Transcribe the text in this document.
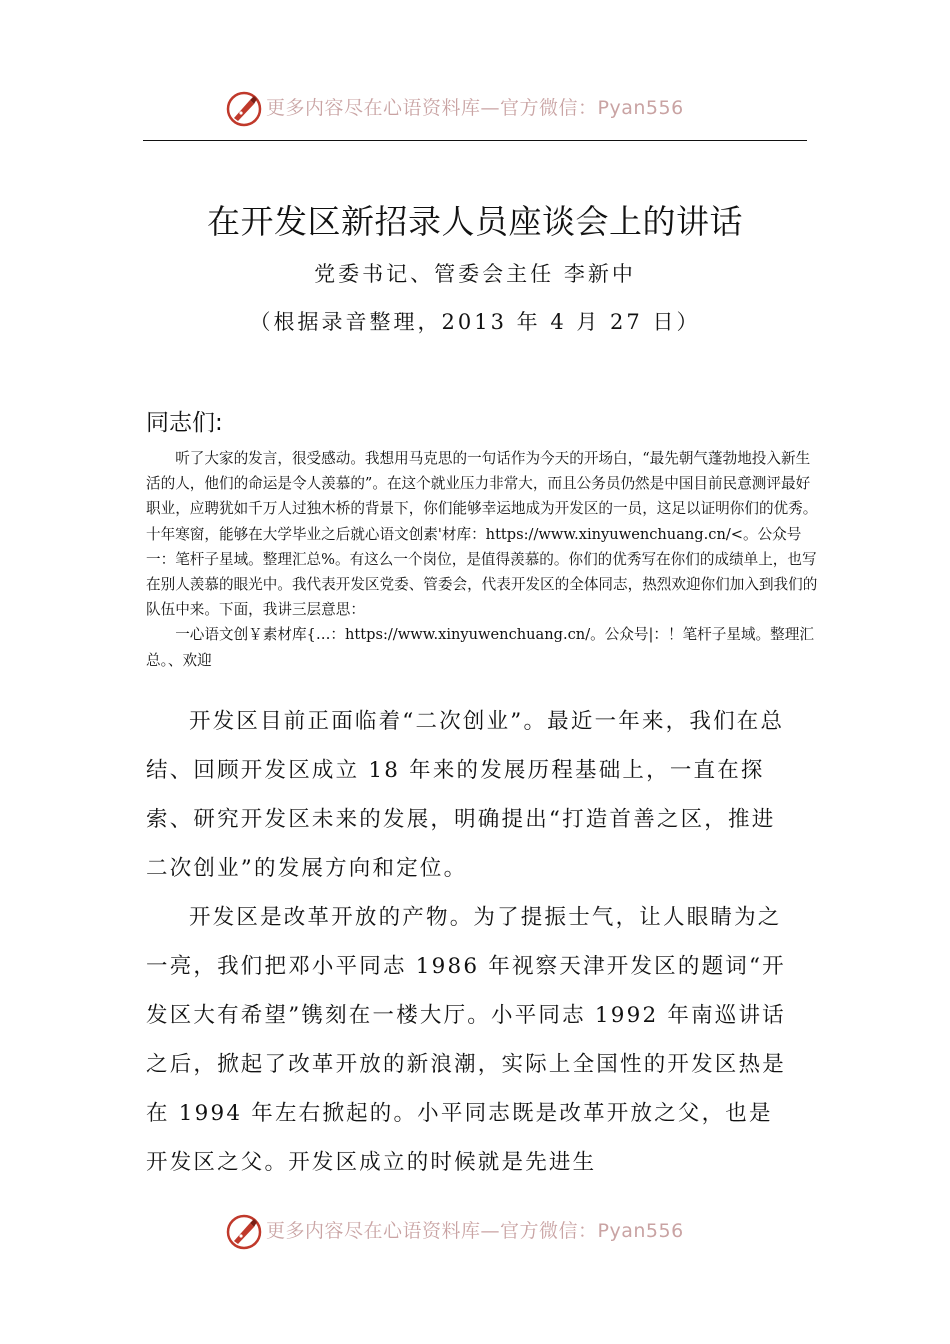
更多内容尽在心语资料库—官方微信：Pyan556
在开发区新招录人员座谈会上的讲话
党委书记、管委会主任 李新中
（根据录音整理，2013 年 4 月 27 日）
同志们:

听了大家的发言，很受感动。我想用马克思的一句话作为今天的开场白，“最先朝气蓬勃地投入新生活的人，他们的命运是令人羡慕的”。在这个就业压力非常大，而且公务员仍然是中国目前民意测评最好职业，应聘犹如千万人过独木桥的背景下，你们能够幸运地成为开发区的一员，这足以证明你们的优秀。十年寒窗，能够在大学毕业之后就心语文创素'材库：https://www.xinyuwenchuang.cn/<。公众号一：笔杆子星域。整理汇总%。有这么一个岗位，是值得羡慕的。你们的优秀写在你们的成绩单上，也写在别人羡慕的眼光中。我代表开发区党委、管委会，代表开发区的全体同志，热烈欢迎你们加入到我们的队伍中来。下面，我讲三层意思：

一心语文创￥素材库{…：https://www.xinyuwenchuang.cn/。公众号|：！笔杆子星域。整理汇总。、欢迎

开发区目前正面临着“二次创业”。最近一年来，我们在总结、回顾开发区成立 18 年来的发展历程基础上，一直在探索、研究开发区未来的发展，明确提出“打造首善之区，推进二次创业”的发展方向和定位。

开发区是改革开放的产物。为了提振士气，让人眼睛为之一亮，我们把邓小平同志 1986 年视察天津开发区的题词“开发区大有希望”镌刻在一楼大厅。小平同志 1992 年南巡讲话之后，掀起了改革开放的新浪潮，实际上全国性的开发区热是在 1994 年左右掀起的。小平同志既是改革开放之父，也是开发区之父。开发区成立的时候就是先进生

更多内容尽在心语资料库—官方微信：Pyan556
